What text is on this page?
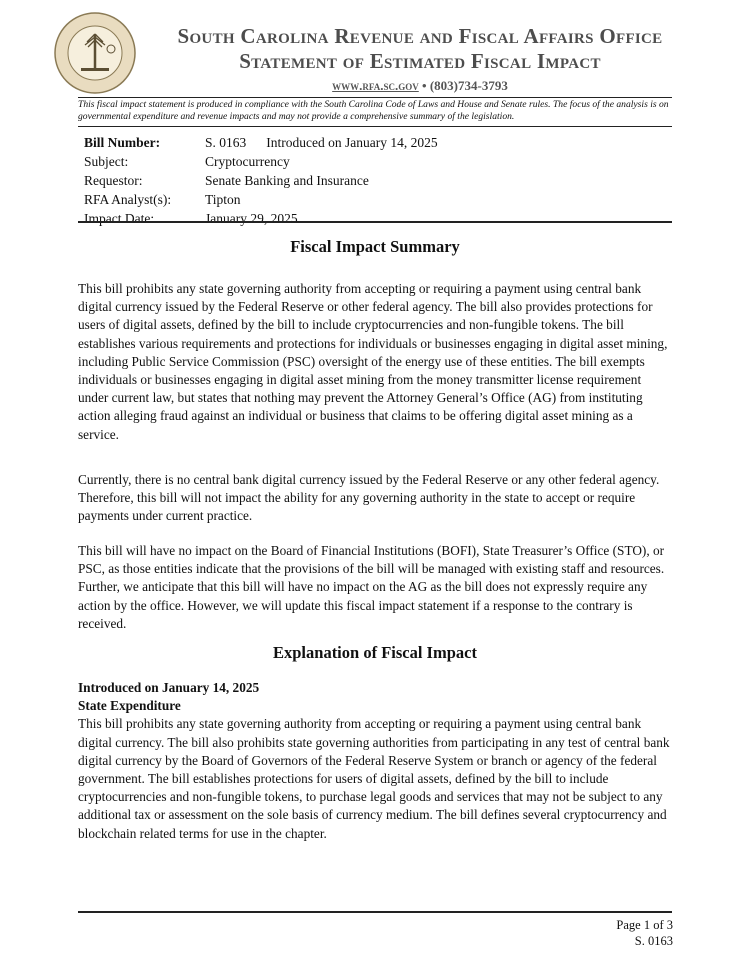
South Carolina Revenue and Fiscal Affairs Office
Statement of Estimated Fiscal Impact
www.rfa.sc.gov • (803)734-3793
This fiscal impact statement is produced in compliance with the South Carolina Code of Laws and House and Senate rules. The focus of the analysis is on governmental expenditure and revenue impacts and may not provide a comprehensive summary of the legislation.
Bill Number:	S. 0163 Introduced on January 14, 2025
Subject:	Cryptocurrency
Requestor:	Senate Banking and Insurance
RFA Analyst(s):	Tipton
Impact Date:	January 29, 2025
Fiscal Impact Summary
This bill prohibits any state governing authority from accepting or requiring a payment using central bank digital currency issued by the Federal Reserve or other federal agency. The bill also provides protections for users of digital assets, defined by the bill to include cryptocurrencies and non-fungible tokens. The bill establishes various requirements and protections for individuals or businesses engaging in digital asset mining, including Public Service Commission (PSC) oversight of the energy use of these entities. The bill exempts individuals or businesses engaging in digital asset mining from the money transmitter license requirement under current law, but states that nothing may prevent the Attorney General’s Office (AG) from instituting action alleging fraud against an individual or business that claims to be offering digital asset mining as a service.
Currently, there is no central bank digital currency issued by the Federal Reserve or any other federal agency. Therefore, this bill will not impact the ability for any governing authority in the state to accept or require payments under current practice.
This bill will have no impact on the Board of Financial Institutions (BOFI), State Treasurer’s Office (STO), or PSC, as those entities indicate that the provisions of the bill will be managed with existing staff and resources. Further, we anticipate that this bill will have no impact on the AG as the bill does not expressly require any action by the office. However, we will update this fiscal impact statement if a response to the contrary is received.
Explanation of Fiscal Impact
Introduced on January 14, 2025
State Expenditure
This bill prohibits any state governing authority from accepting or requiring a payment using central bank digital currency. The bill also prohibits state governing authorities from participating in any test of central bank digital currency by the Board of Governors of the Federal Reserve System or branch or agency of the federal government. The bill establishes protections for users of digital assets, defined by the bill to include cryptocurrencies and non-fungible tokens, to purchase legal goods and services that may not be subject to any additional tax or assessment on the sole basis of currency medium. The bill defines several cryptocurrency and blockchain related terms for use in the chapter.
Page 1 of 3
S. 0163
